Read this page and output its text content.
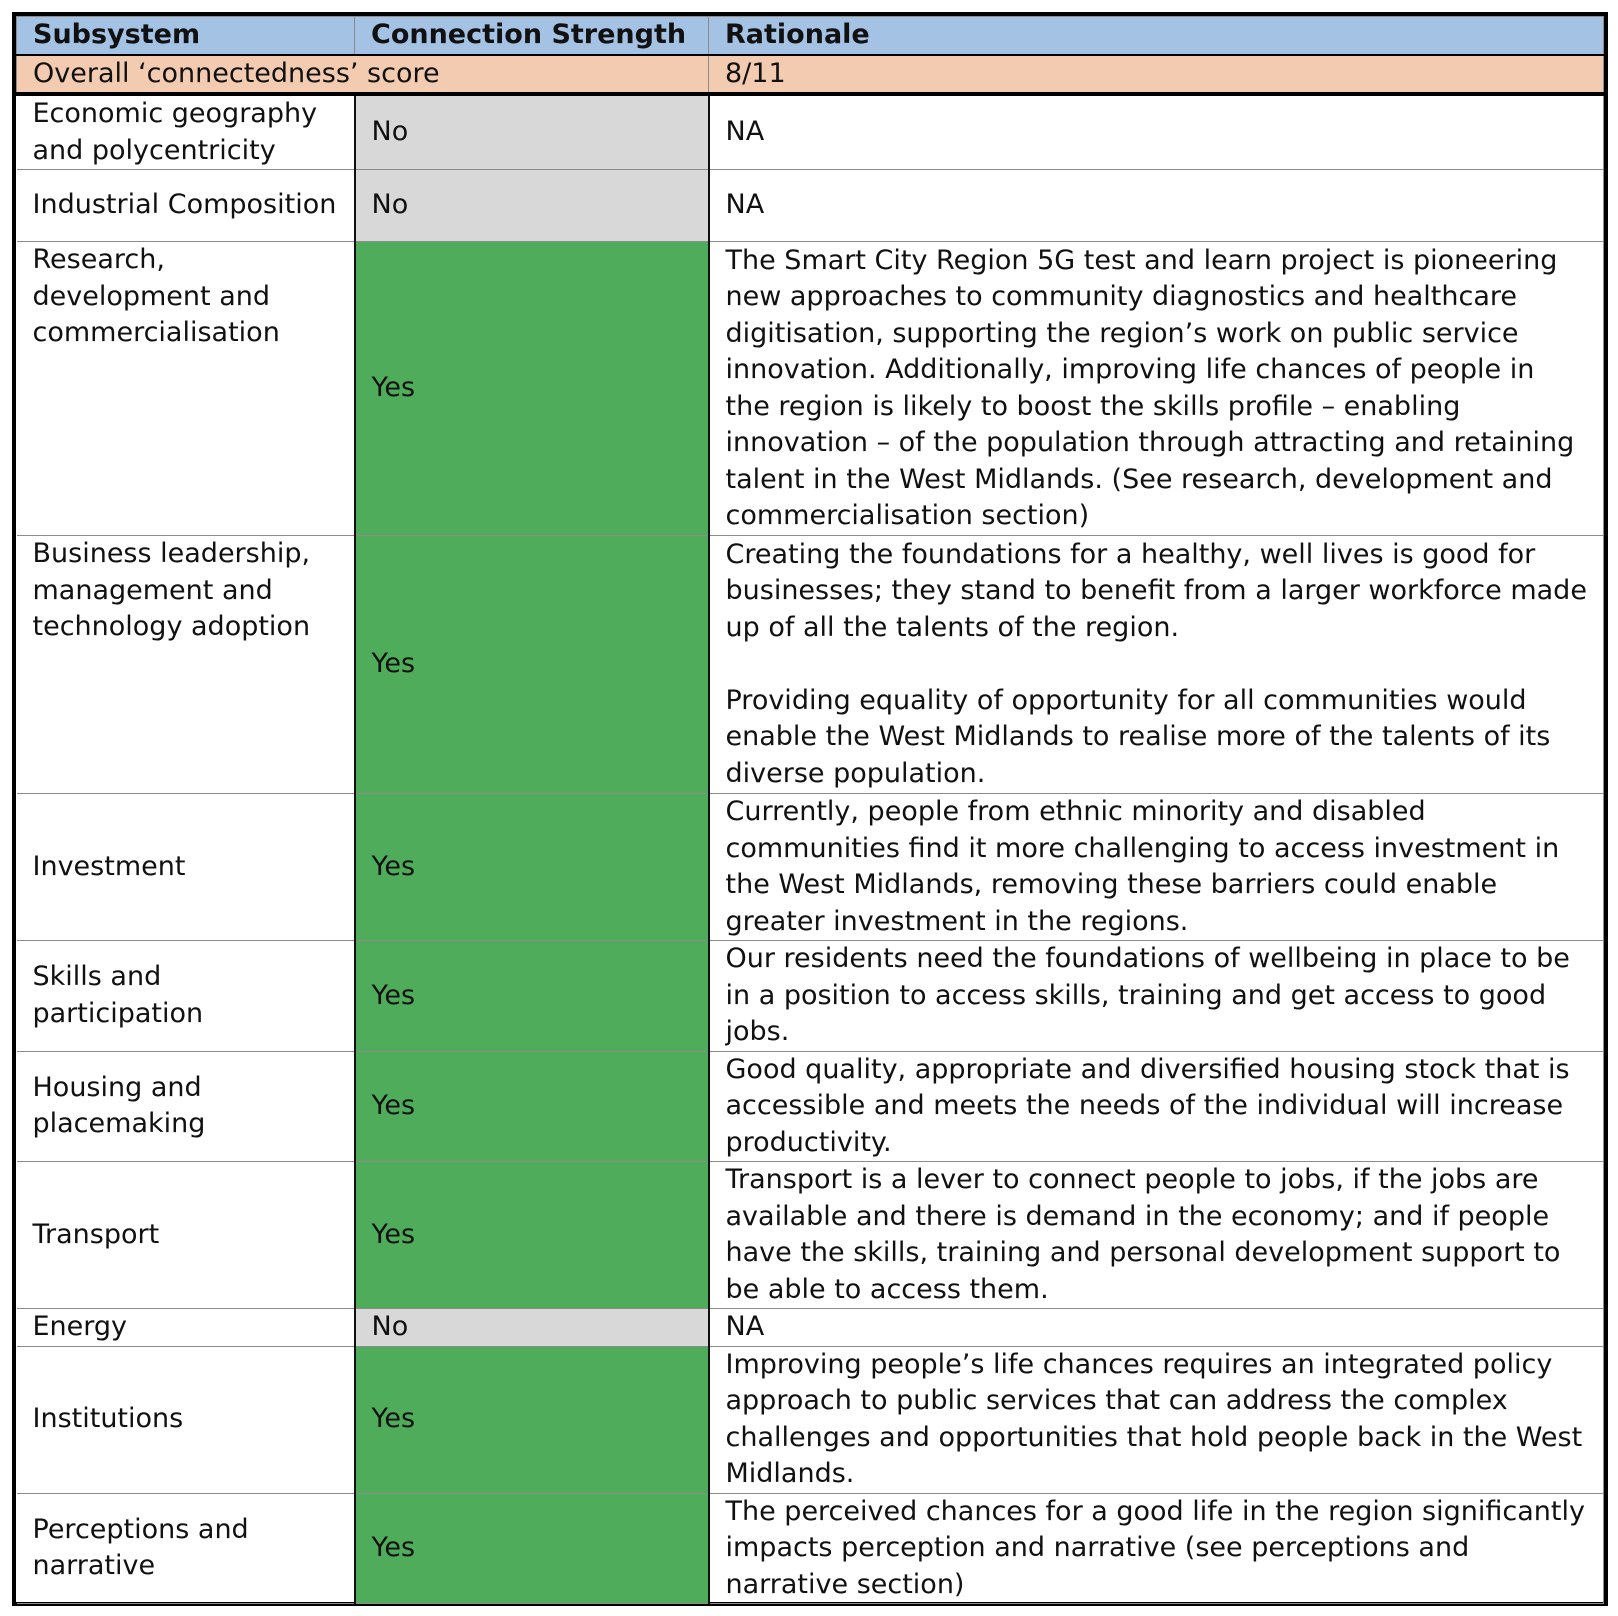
Subsystem	Connection Strength	Rationale
Overall ‘connectedness’ score		8/11
Economic geography and polycentricity	No	NA
Industrial Composition	No	NA
Research, development and commercialisation	Yes	The Smart City Region 5G test and learn project is pioneering new approaches to community diagnostics and healthcare digitisation, supporting the region’s work on public service innovation. Additionally, improving life chances of people in the region is likely to boost the skills profile – enabling innovation – of the population through attracting and retaining talent in the West Midlands. (See research, development and commercialisation section)
Business leadership, management and technology adoption	Yes	Creating the foundations for a healthy, well lives is good for businesses; they stand to benefit from a larger workforce made up of all the talents of the region.

Providing equality of opportunity for all communities would enable the West Midlands to realise more of the talents of its diverse population.
Investment	Yes	Currently, people from ethnic minority and disabled communities find it more challenging to access investment in the West Midlands, removing these barriers could enable greater investment in the regions.
Skills and participation	Yes	Our residents need the foundations of wellbeing in place to be in a position to access skills, training and get access to good jobs.
Housing and placemaking	Yes	Good quality, appropriate and diversified housing stock that is accessible and meets the needs of the individual will increase productivity.
Transport	Yes	Transport is a lever to connect people to jobs, if the jobs are available and there is demand in the economy; and if people have the skills, training and personal development support to be able to access them.
Energy	No	NA
Institutions	Yes	Improving people’s life chances requires an integrated policy approach to public services that can address the complex challenges and opportunities that hold people back in the West Midlands.
Perceptions and narrative	Yes	The perceived chances for a good life in the region significantly impacts perception and narrative (see perceptions and narrative section)
